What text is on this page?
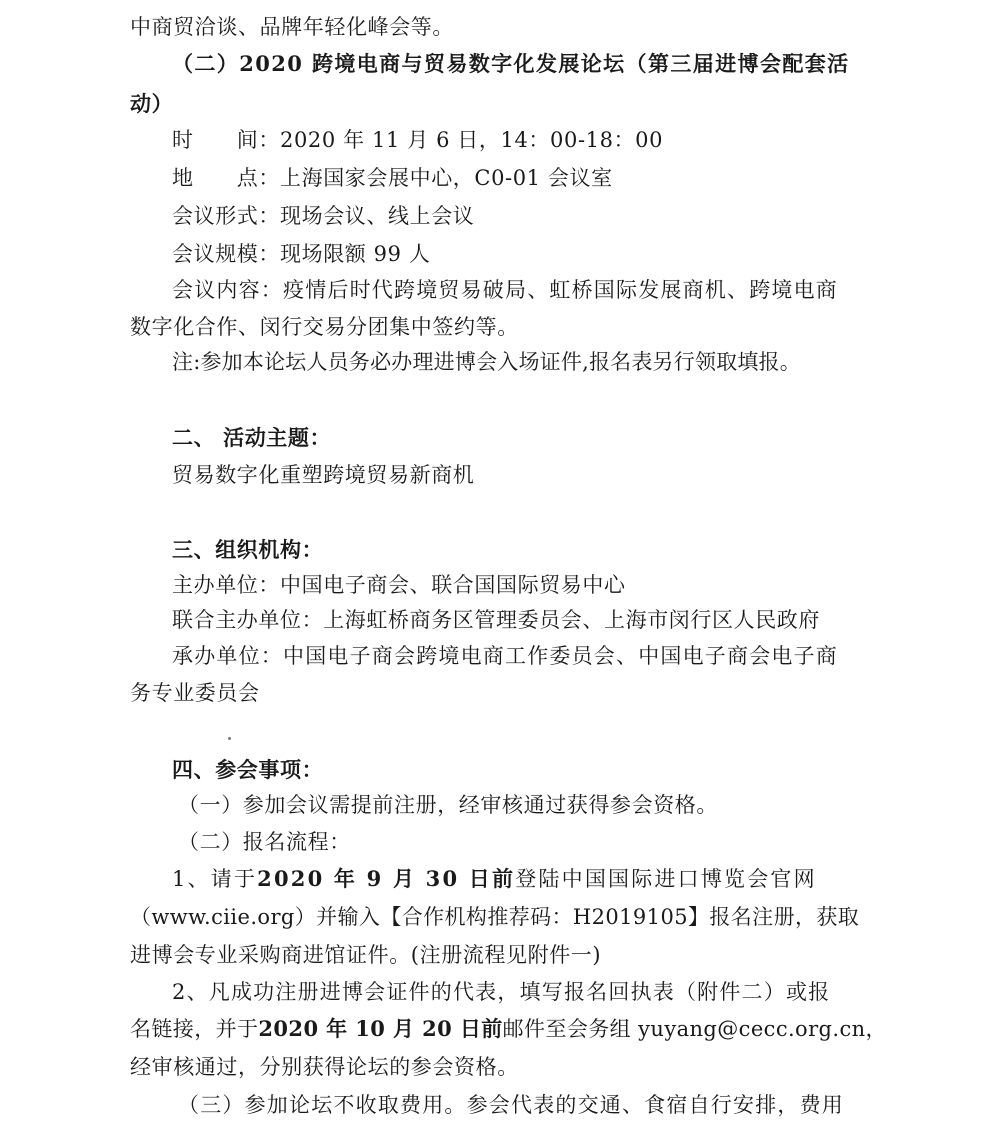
中商贸洽谈、品牌年轻化峰会等。
（二）2020 跨境电商与贸易数字化发展论坛（第三届进博会配套活
动）
时　　间：2020 年 11 月 6 日，14：00-18：00
地　　点：上海国家会展中心，C0-01 会议室
会议形式：现场会议、线上会议
会议规模：现场限额 99 人
会议内容：疫情后时代跨境贸易破局、虹桥国际发展商机、跨境电商
数字化合作、闵行交易分团集中签约等。
注:参加本论坛人员务必办理进博会入场证件,报名表另行领取填报。
二、 活动主题：
贸易数字化重塑跨境贸易新商机
三、组织机构：
主办单位：中国电子商会、联合国国际贸易中心
联合主办单位：上海虹桥商务区管理委员会、上海市闵行区人民政府
承办单位：中国电子商会跨境电商工作委员会、中国电子商会电子商
务专业委员会
四、参会事项：
（一）参加会议需提前注册，经审核通过获得参会资格。
（二）报名流程：
1、请于2020 年 9 月 30 日前登陆中国国际进口博览会官网
（www.ciie.org）并输入【合作机构推荐码：H2019105】报名注册，获取
进博会专业采购商进馆证件。(注册流程见附件一)
2、凡成功注册进博会证件的代表，填写报名回执表（附件二）或报
名链接，并于2020 年 10 月 20 日前邮件至会务组 yuyang@cecc.org.cn，
经审核通过，分别获得论坛的参会资格。
（三）参加论坛不收取费用。参会代表的交通、食宿自行安排，费用
